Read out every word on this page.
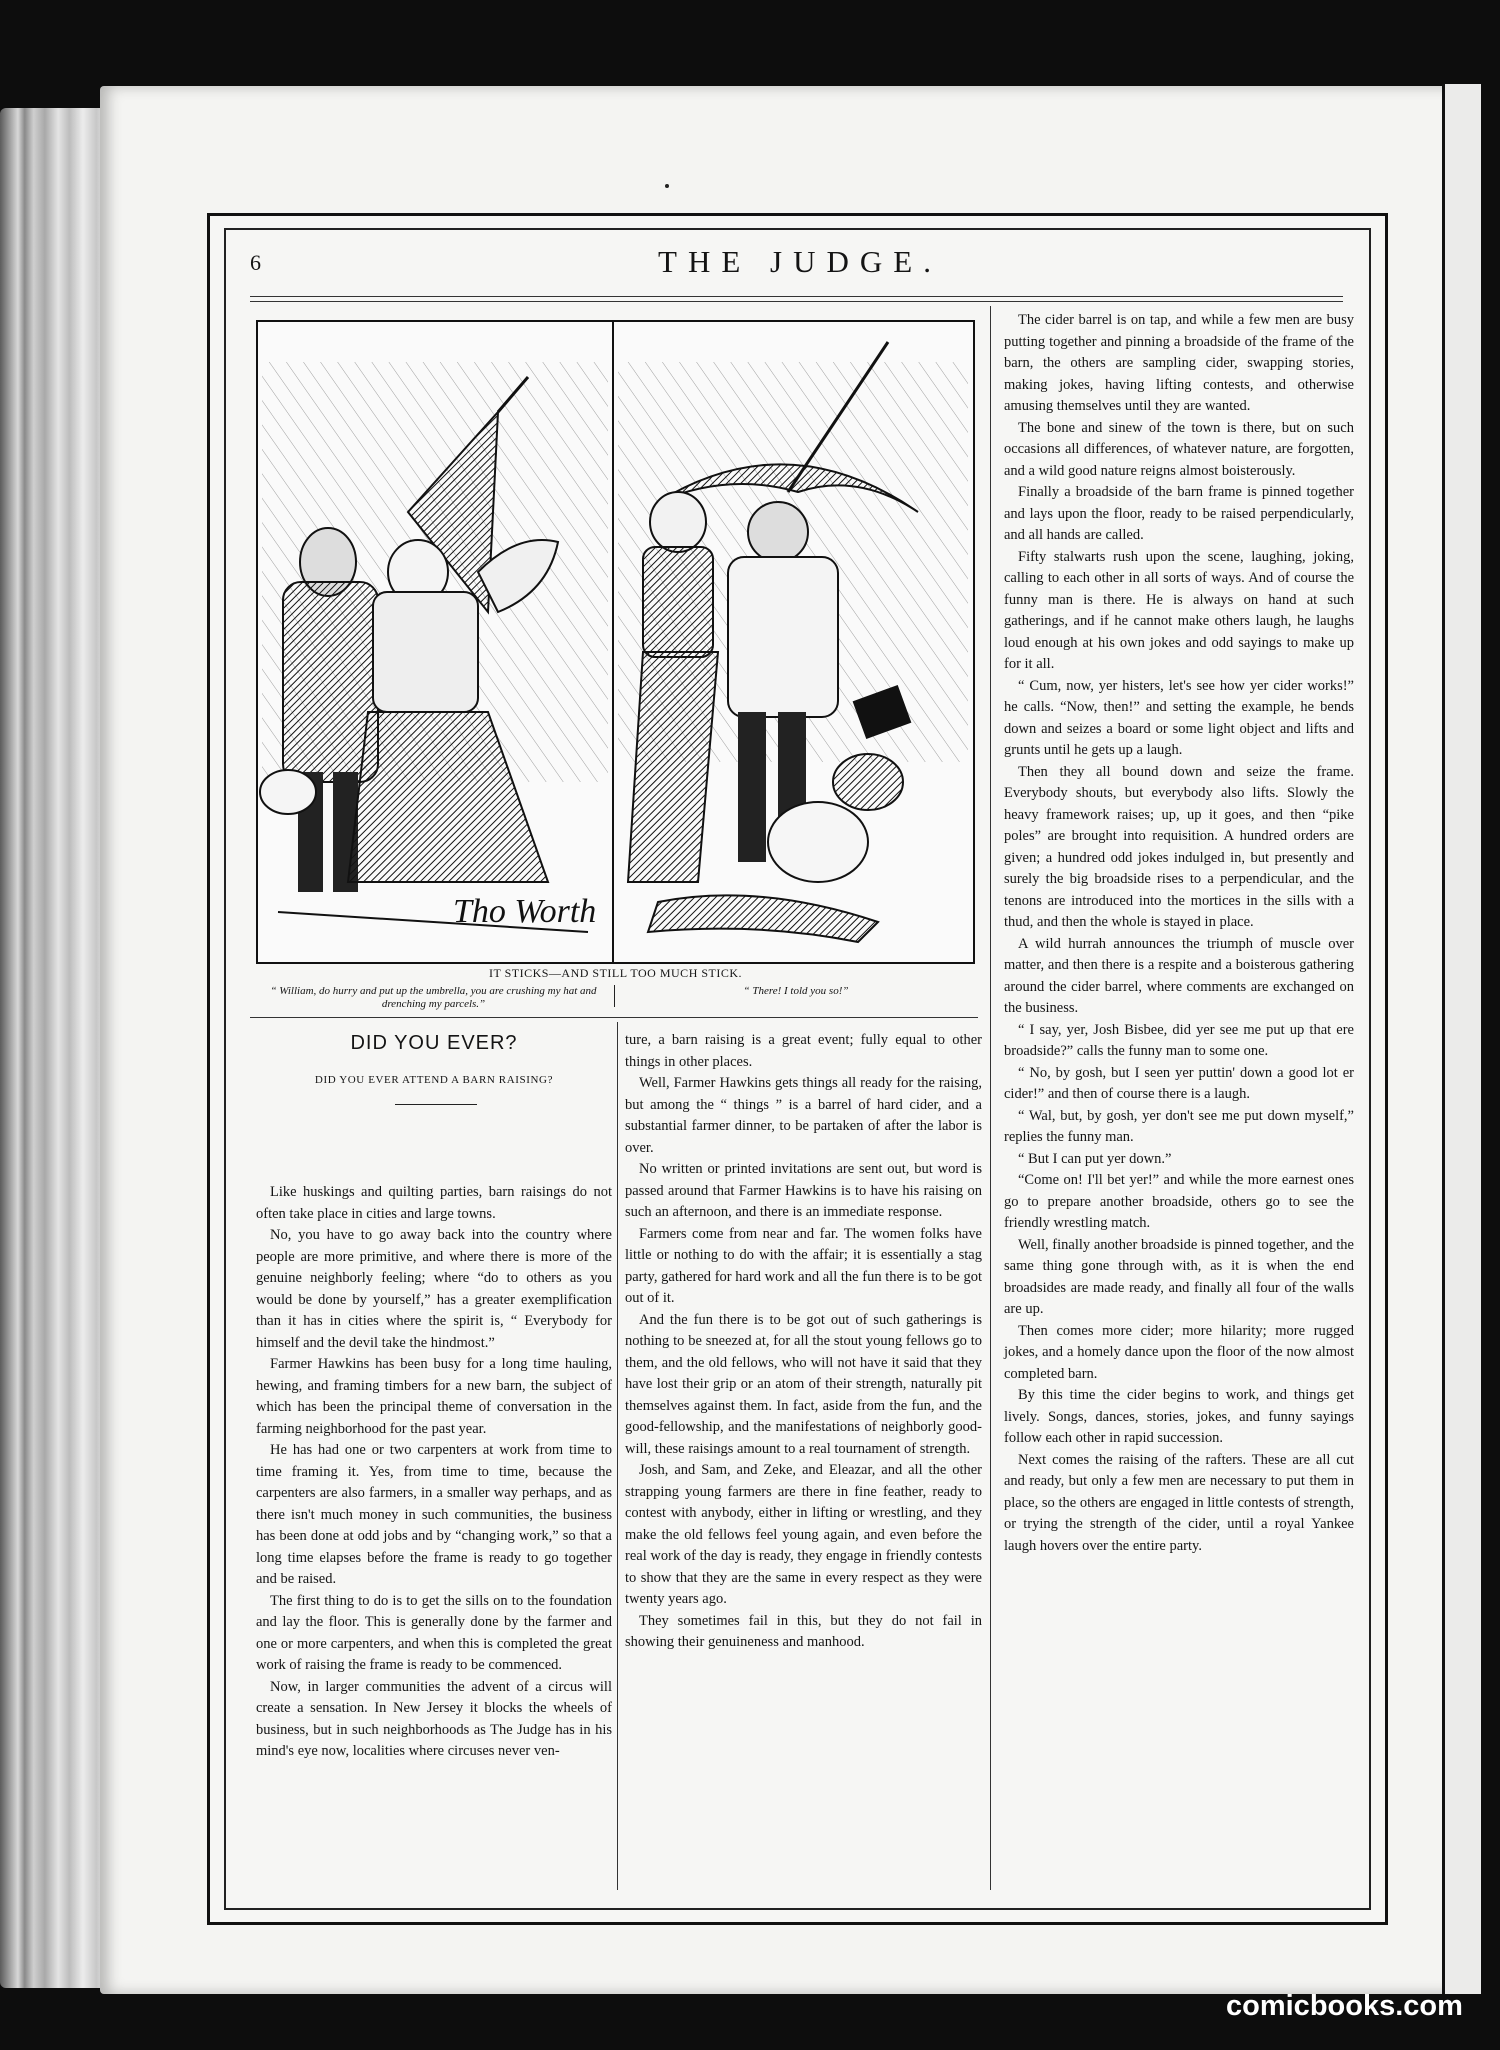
6	THE JUDGE.
Tho Worth
IT STICKS—AND STILL TOO MUCH STICK.
“ William, do hurry and put up the umbrella, you are crushing my hat and drenching my parcels.”
“ There! I told you so!”
DID YOU EVER?
DID YOU EVER ATTEND A BARN RAISING?

Like huskings and quilting parties, barn raisings do not often take place in cities and large towns.

No, you have to go away back into the country where people are more primitive, and where there is more of the genuine neighborly feeling; where “do to others as you would be done by yourself,” has a greater exemplification than it has in cities where the spirit is, “ Everybody for himself and the devil take the hindmost.”

Farmer Hawkins has been busy for a long time hauling, hewing, and framing timbers for a new barn, the subject of which has been the principal theme of conversation in the farming neighborhood for the past year.

He has had one or two carpenters at work from time to time framing it. Yes, from time to time, because the carpenters are also farmers, in a smaller way perhaps, and as there isn't much money in such communities, the business has been done at odd jobs and by “changing work,” so that a long time elapses before the frame is ready to go together and be raised.

The first thing to do is to get the sills on to the foundation and lay the floor. This is generally done by the farmer and one or more carpenters, and when this is completed the great work of raising the frame is ready to be commenced.

Now, in larger communities the advent of a circus will create a sensation. In New Jersey it blocks the wheels of business, but in such neighborhoods as The Judge has in his mind's eye now, localities where circuses never ven-

ture, a barn raising is a great event; fully equal to other things in other places.

Well, Farmer Hawkins gets things all ready for the raising, but among the “ things ” is a barrel of hard cider, and a substantial farmer dinner, to be partaken of after the labor is over.

No written or printed invitations are sent out, but word is passed around that Farmer Hawkins is to have his raising on such an afternoon, and there is an immediate response.

Farmers come from near and far. The women folks have little or nothing to do with the affair; it is essentially a stag party, gathered for hard work and all the fun there is to be got out of it.

And the fun there is to be got out of such gatherings is nothing to be sneezed at, for all the stout young fellows go to them, and the old fellows, who will not have it said that they have lost their grip or an atom of their strength, naturally pit themselves against them. In fact, aside from the fun, and the good-fellowship, and the manifestations of neighborly good-will, these raisings amount to a real tournament of strength.

Josh, and Sam, and Zeke, and Eleazar, and all the other strapping young farmers are there in fine feather, ready to contest with anybody, either in lifting or wrestling, and they make the old fellows feel young again, and even before the real work of the day is ready, they engage in friendly contests to show that they are the same in every respect as they were twenty years ago.

They sometimes fail in this, but they do not fail in showing their genuineness and manhood.

The cider barrel is on tap, and while a few men are busy putting together and pinning a broadside of the frame of the barn, the others are sampling cider, swapping stories, making jokes, having lifting contests, and otherwise amusing themselves until they are wanted.

The bone and sinew of the town is there, but on such occasions all differences, of whatever nature, are forgotten, and a wild good nature reigns almost boisterously.

Finally a broadside of the barn frame is pinned together and lays upon the floor, ready to be raised perpendicularly, and all hands are called.

Fifty stalwarts rush upon the scene, laughing, joking, calling to each other in all sorts of ways. And of course the funny man is there. He is always on hand at such gatherings, and if he cannot make others laugh, he laughs loud enough at his own jokes and odd sayings to make up for it all.

“ Cum, now, yer histers, let's see how yer cider works!” he calls. “Now, then!” and setting the example, he bends down and seizes a board or some light object and lifts and grunts until he gets up a laugh.

Then they all bound down and seize the frame. Everybody shouts, but everybody also lifts. Slowly the heavy framework raises; up, up it goes, and then “pike poles” are brought into requisition. A hundred orders are given; a hundred odd jokes indulged in, but presently and surely the big broadside rises to a perpendicular, and the tenons are introduced into the mortices in the sills with a thud, and then the whole is stayed in place.

A wild hurrah announces the triumph of muscle over matter, and then there is a respite and a boisterous gathering around the cider barrel, where comments are exchanged on the business.

“ I say, yer, Josh Bisbee, did yer see me put up that ere broadside?” calls the funny man to some one.

“ No, by gosh, but I seen yer puttin' down a good lot er cider!” and then of course there is a laugh.

“ Wal, but, by gosh, yer don't see me put down myself,” replies the funny man.

“ But I can put yer down.”

“Come on! I'll bet yer!” and while the more earnest ones go to prepare another broadside, others go to see the friendly wrestling match.

Well, finally another broadside is pinned together, and the same thing gone through with, as it is when the end broadsides are made ready, and finally all four of the walls are up.

Then comes more cider; more hilarity; more rugged jokes, and a homely dance upon the floor of the now almost completed barn.

By this time the cider begins to work, and things get lively. Songs, dances, stories, jokes, and funny sayings follow each other in rapid succession.

Next comes the raising of the rafters. These are all cut and ready, but only a few men are necessary to put them in place, so the others are engaged in little contests of strength, or trying the strength of the cider, until a royal Yankee laugh hovers over the entire party.

comicbooks.com
